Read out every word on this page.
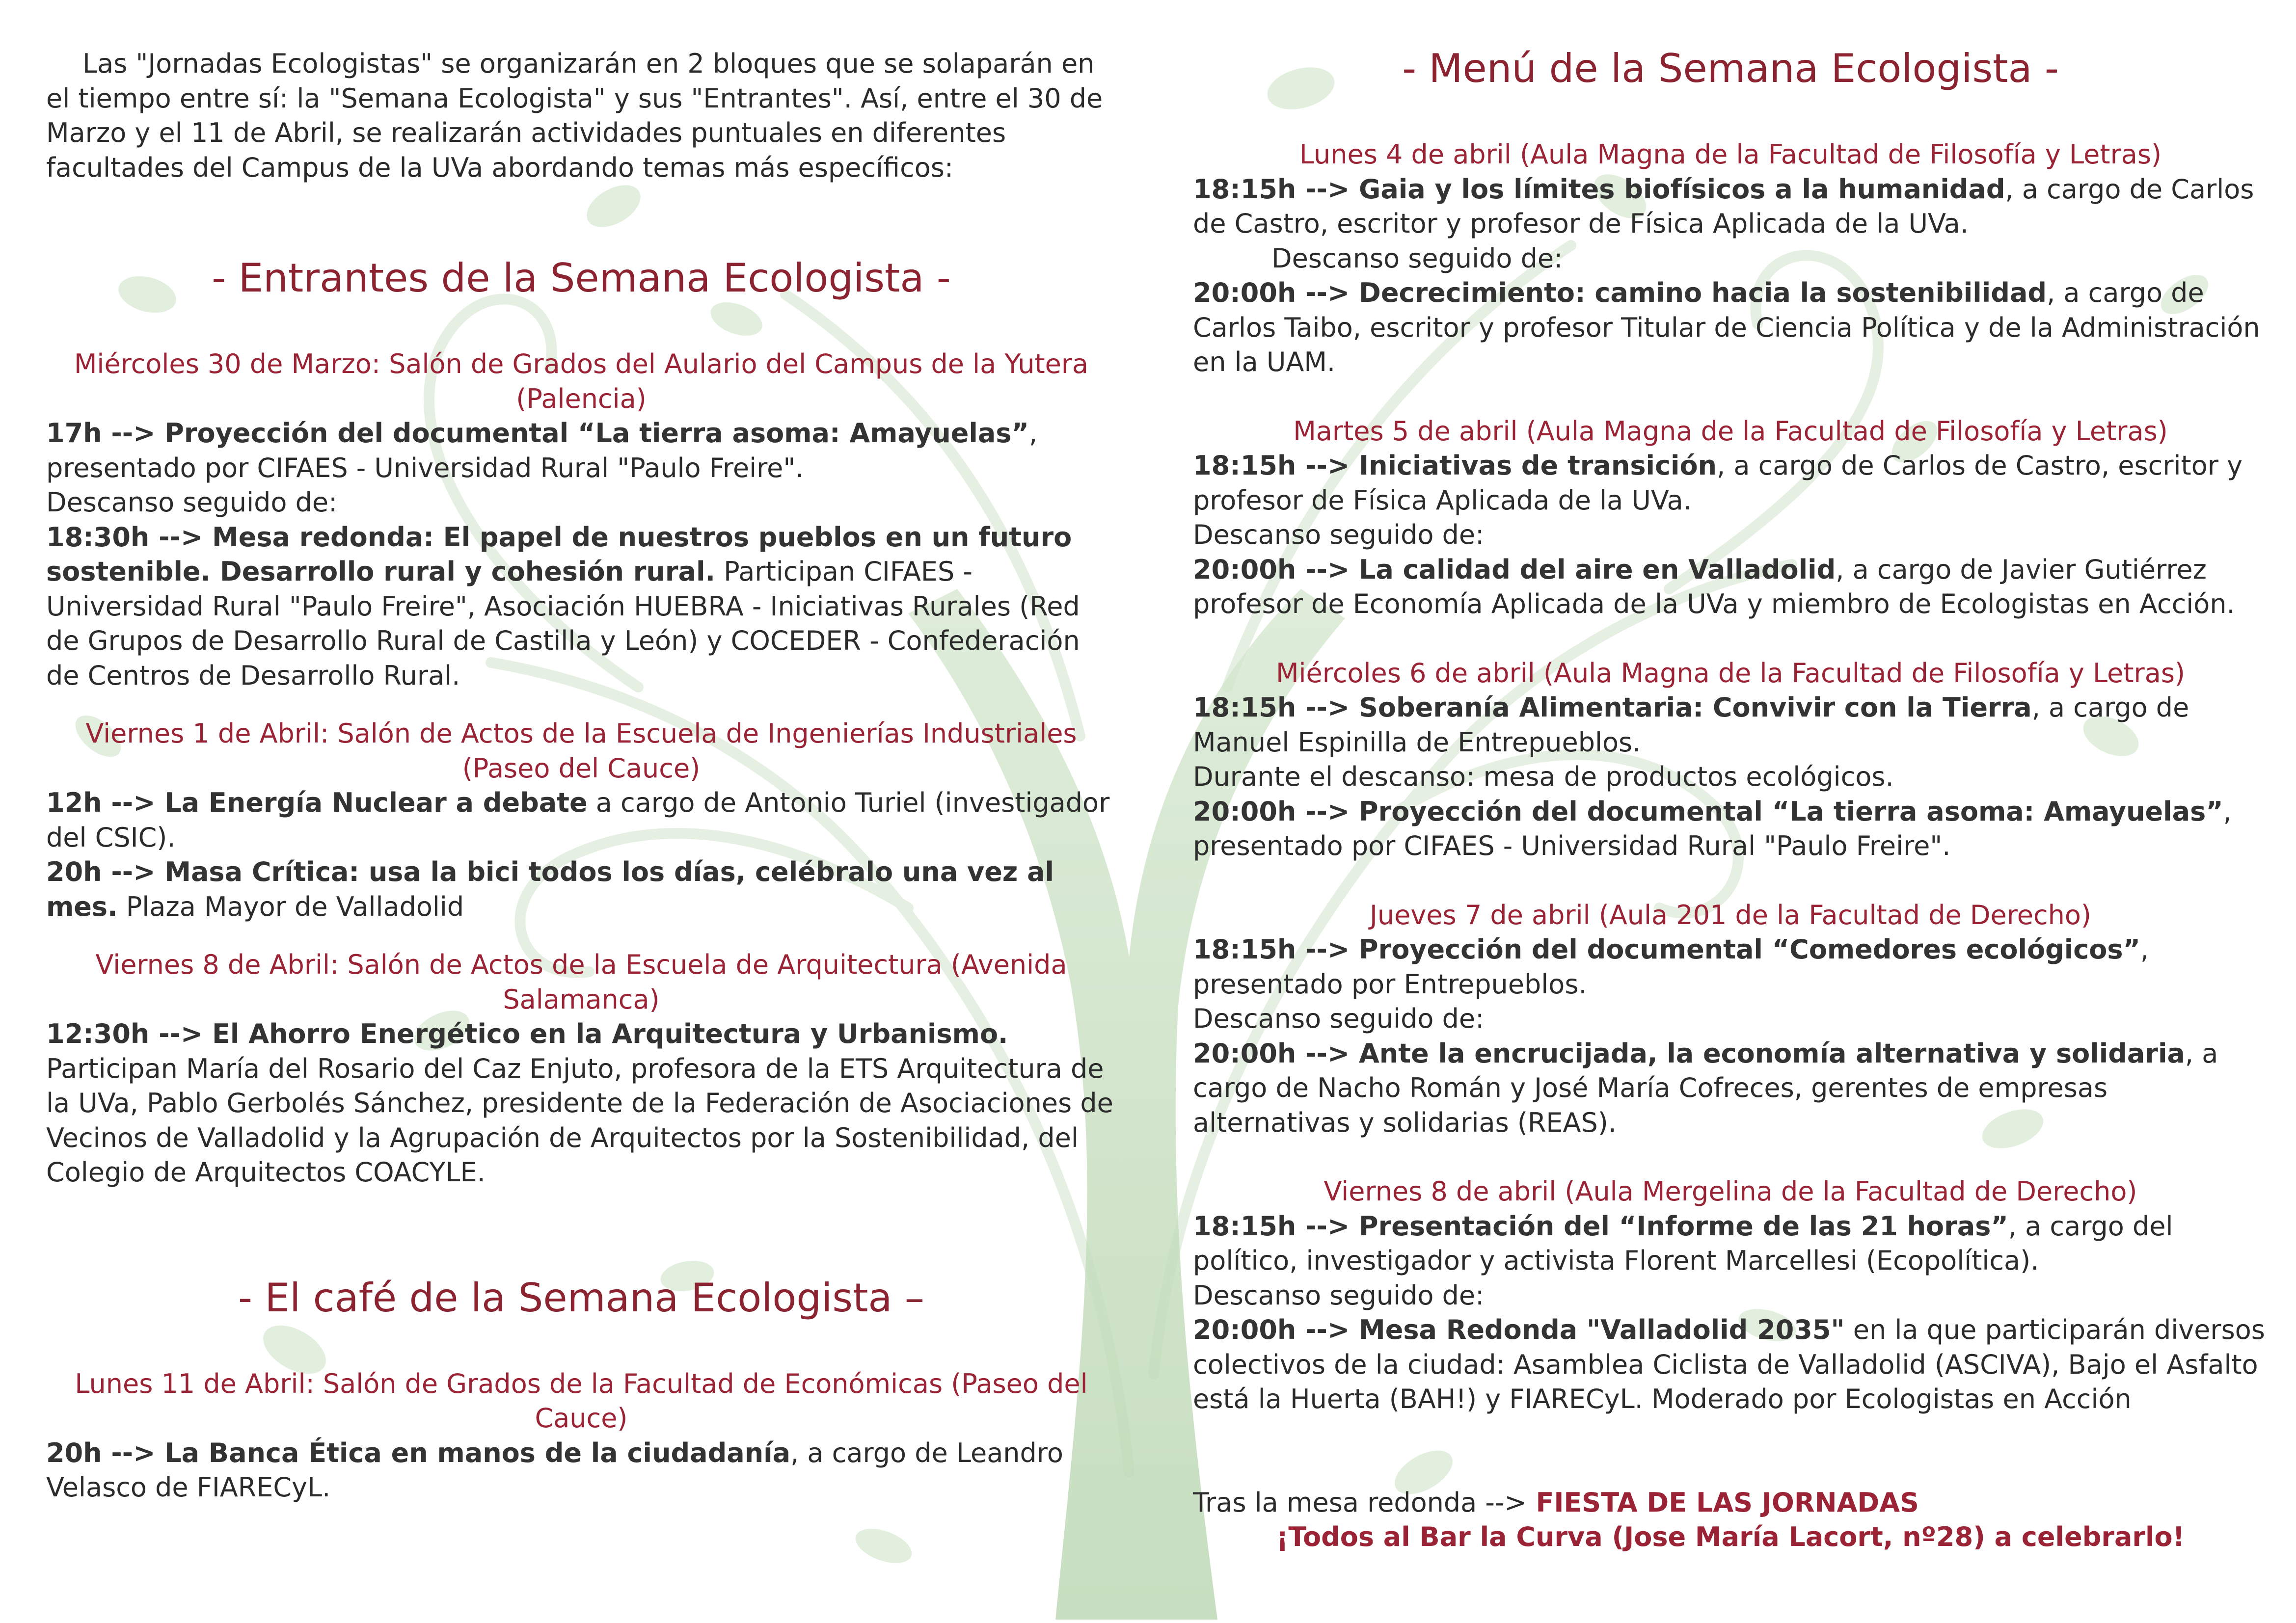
Las "Jornadas Ecologistas" se organizarán en 2 bloques que se solaparán en el tiempo entre sí: la "Semana Ecologista" y sus "Entrantes". Así, entre el 30 de Marzo y el 11 de Abril, se realizarán actividades puntuales en diferentes facultades del Campus de la UVa abordando temas más específicos:

- Entrantes de la Semana Ecologista -

Miércoles 30 de Marzo: Salón de Grados del Aulario del Campus de la Yutera (Palencia)

17h --> Proyección del documental “La tierra asoma: Amayuelas”, presentado por CIFAES - Universidad Rural "Paulo Freire".

Descanso seguido de:

18:30h --> Mesa redonda: El papel de nuestros pueblos en un futuro sostenible. Desarrollo rural y cohesión rural. Participan CIFAES - Universidad Rural "Paulo Freire", Asociación HUEBRA - Iniciativas Rurales (Red de Grupos de Desarrollo Rural de Castilla y León) y COCEDER - Confederación de Centros de Desarrollo Rural.

Viernes 1 de Abril: Salón de Actos de la Escuela de Ingenierías Industriales (Paseo del Cauce)

12h --> La Energía Nuclear a debate a cargo de Antonio Turiel (investigador del CSIC).

20h --> Masa Crítica: usa la bici todos los días, celébralo una vez al mes. Plaza Mayor de Valladolid

Viernes 8 de Abril: Salón de Actos de la Escuela de Arquitectura (Avenida Salamanca)

12:30h --> El Ahorro Energético en la Arquitectura y Urbanismo. Participan María del Rosario del Caz Enjuto, profesora de la ETS Arquitectura de la UVa, Pablo Gerbolés Sánchez, presidente de la Federación de Asociaciones de Vecinos de Valladolid y la Agrupación de Arquitectos por la Sostenibilidad, del Colegio de Arquitectos COACYLE.

- El café de la Semana Ecologista –

Lunes 11 de Abril: Salón de Grados de la Facultad de Económicas (Paseo del Cauce)

20h --> La Banca Ética en manos de la ciudadanía, a cargo de Leandro Velasco de FIARECyL.

- Menú de la Semana Ecologista -

Lunes 4 de abril (Aula Magna de la Facultad de Filosofía y Letras)

18:15h --> Gaia y los límites biofísicos a la humanidad, a cargo de Carlos de Castro, escritor y profesor de Física Aplicada de la UVa.

Descanso seguido de:

20:00h --> Decrecimiento: camino hacia la sostenibilidad, a cargo de Carlos Taibo, escritor y profesor Titular de Ciencia Política y de la Administración en la UAM.

Martes 5 de abril (Aula Magna de la Facultad de Filosofía y Letras)

18:15h --> Iniciativas de transición, a cargo de Carlos de Castro, escritor y profesor de Física Aplicada de la UVa.

Descanso seguido de:

20:00h --> La calidad del aire en Valladolid, a cargo de Javier Gutiérrez profesor de Economía Aplicada de la UVa y miembro de Ecologistas en Acción.

Miércoles 6 de abril (Aula Magna de la Facultad de Filosofía y Letras)

18:15h --> Soberanía Alimentaria: Convivir con la Tierra, a cargo de Manuel Espinilla de Entrepueblos.

Durante el descanso: mesa de productos ecológicos.

20:00h --> Proyección del documental “La tierra asoma: Amayuelas”, presentado por CIFAES - Universidad Rural "Paulo Freire".

Jueves 7 de abril (Aula 201 de la Facultad de Derecho)

18:15h --> Proyección del documental “Comedores ecológicos”, presentado por Entrepueblos.

Descanso seguido de:

20:00h --> Ante la encrucijada, la economía alternativa y solidaria, a cargo de Nacho Román y José María Cofreces, gerentes de empresas alternativas y solidarias (REAS).

Viernes 8 de abril (Aula Mergelina de la Facultad de Derecho)

18:15h --> Presentación del “Informe de las 21 horas”, a cargo del político, investigador y activista Florent Marcellesi (Ecopolítica).

Descanso seguido de:

20:00h --> Mesa Redonda "Valladolid 2035" en la que participarán diversos colectivos de la ciudad: Asamblea Ciclista de Valladolid (ASCIVA), Bajo el Asfalto está la Huerta (BAH!) y FIARECyL. Moderado por Ecologistas en Acción

Tras la mesa redonda --> FIESTA DE LAS JORNADAS

¡Todos al Bar la Curva (Jose María Lacort, nº28) a celebrarlo!
